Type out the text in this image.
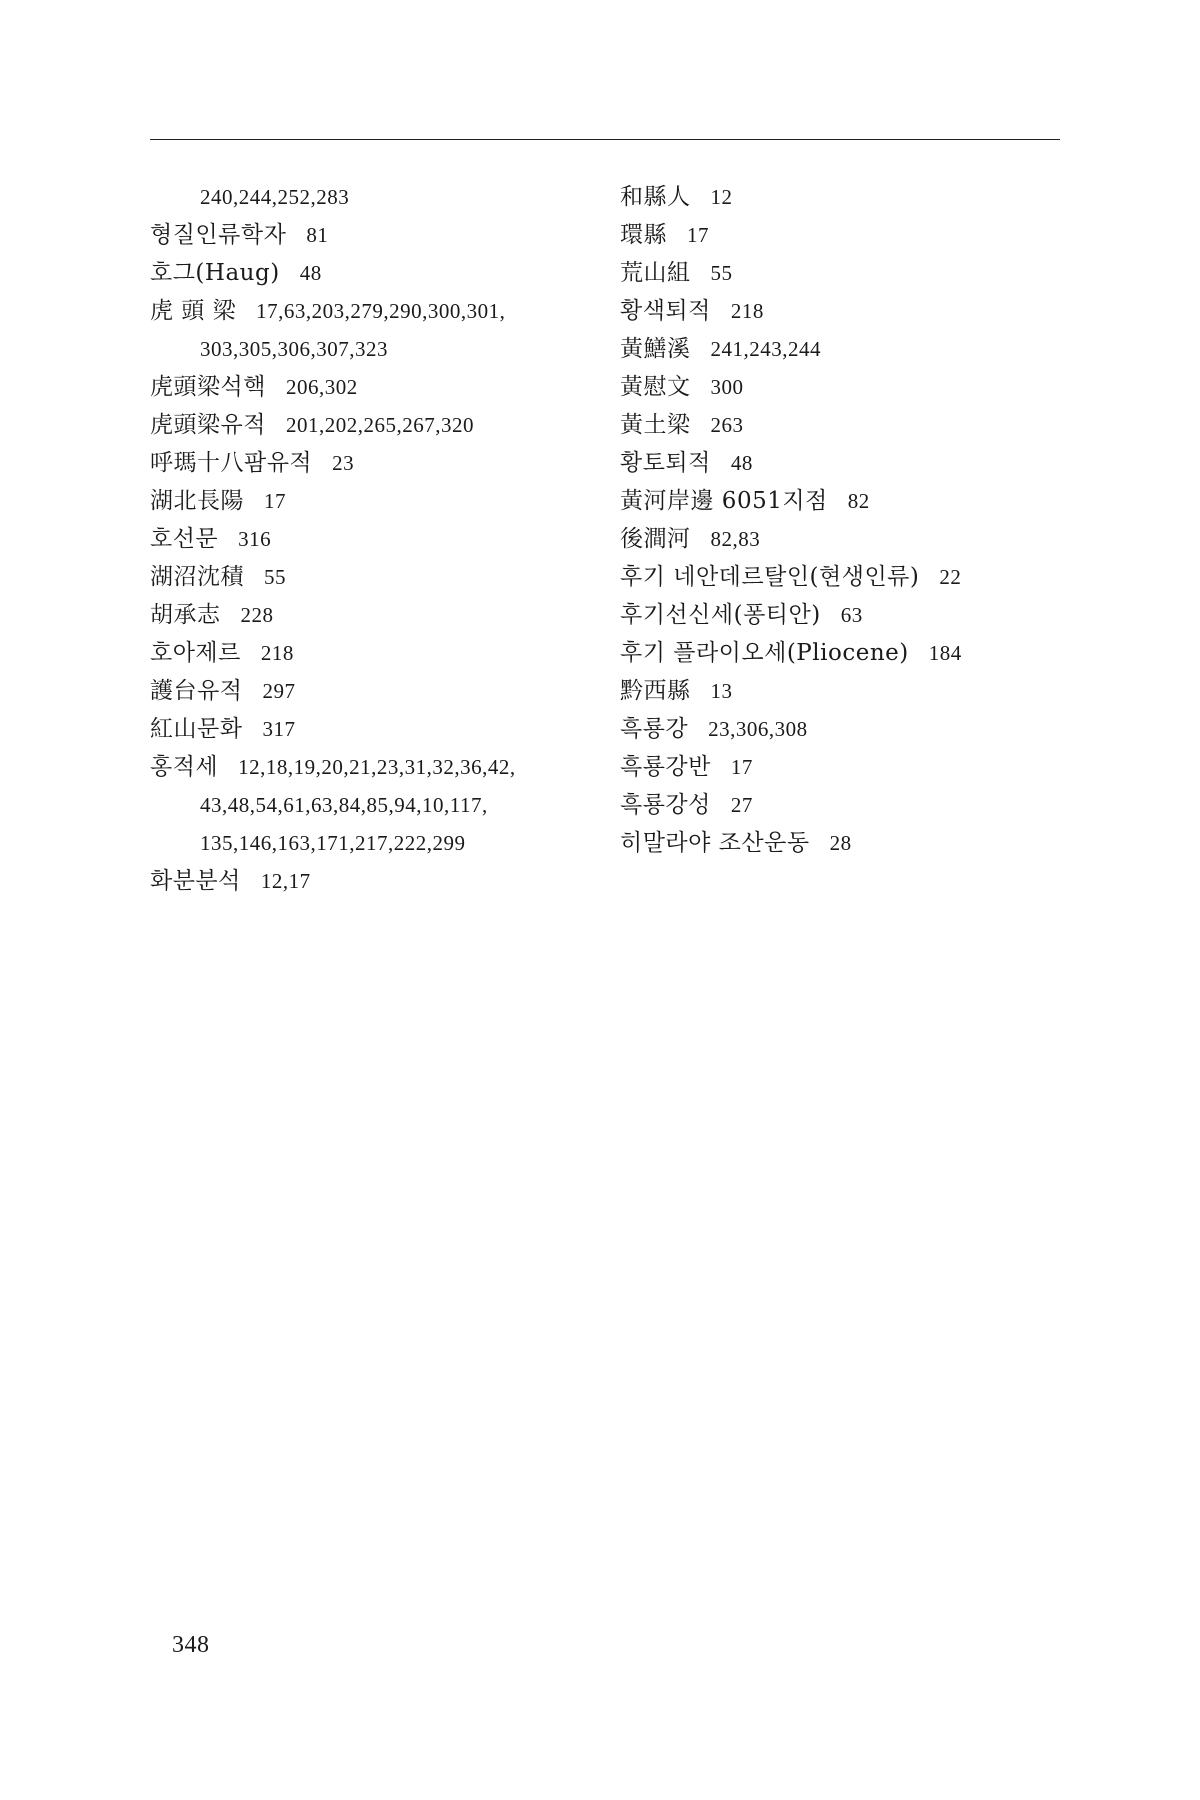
240,244,252,283
형질인류학자 81
호그(Haug) 48
虎 頭 梁 17,63,203,279,290,300,301,
303,305,306,307,323
虎頭梁석핵 206,302
虎頭梁유적 201,202,265,267,320
呼瑪十八팜유적 23
湖北長陽 17
호선문 316
湖沼沈積 55
胡承志 228
호아제르 218
護台유적 297
紅山문화 317
홍적세 12,18,19,20,21,23,31,32,36,42,
43,48,54,61,63,84,85,94,10,117,
135,146,163,171,217,222,299
화분분석 12,17
和縣人 12
環縣 17
荒山組 55
황색퇴적 218
黃鱔溪 241,243,244
黃慰文 300
黃土梁 263
황토퇴적 48
黃河岸邊 6051지점 82
後澗河 82,83
후기 네안데르탈인(현생인류) 22
후기선신세(퐁티안) 63
후기 플라이오세(Pliocene) 184
黔西縣 13
흑룡강 23,306,308
흑룡강반 17
흑룡강성 27
히말라야 조산운동 28
348
